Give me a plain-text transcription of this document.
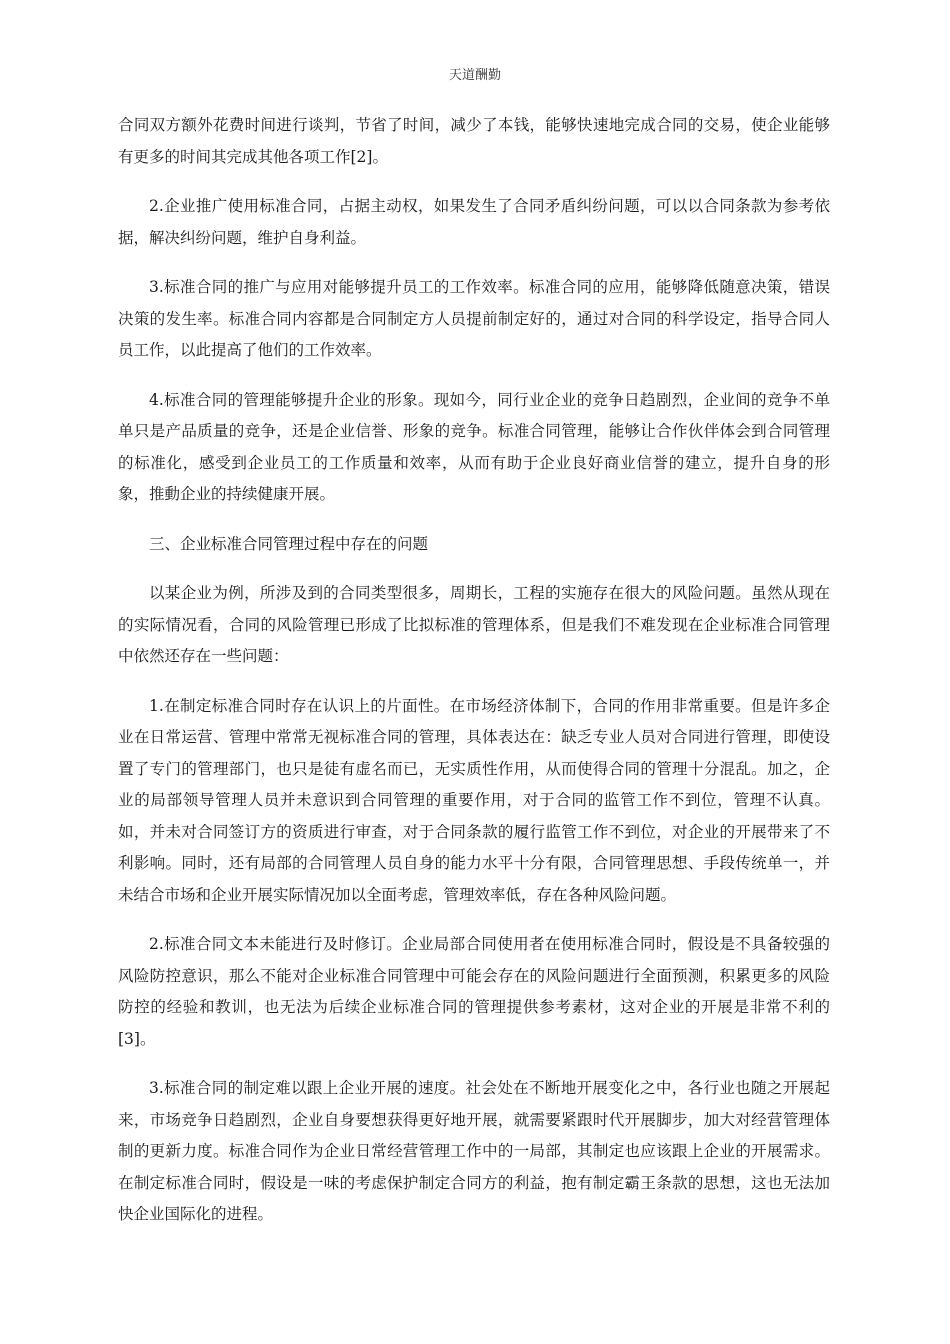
天道酬勤

合同双方额外花费时间进行谈判，节省了时间，减少了本钱，能够快速地完成合同的交易，使企业能够有更多的时间其完成其他各项工作[2]。

2.企业推广使用标准合同，占据主动权，如果发生了合同矛盾纠纷问题，可以以合同条款为参考依据，解决纠纷问题，维护自身利益。

3.标准合同的推广与应用对能够提升员工的工作效率。标准合同的应用，能够降低随意决策，错误决策的发生率。标准合同内容都是合同制定方人员提前制定好的，通过对合同的科学设定，指导合同人员工作，以此提高了他们的工作效率。

4.标准合同的管理能够提升企业的形象。现如今，同行业企业的竞争日趋剧烈，企业间的竞争不单单只是产品质量的竞争，还是企业信誉、形象的竞争。标准合同管理，能够让合作伙伴体会到合同管理的标准化，感受到企业员工的工作质量和效率，从而有助于企业良好商业信誉的建立，提升自身的形象，推動企业的持续健康开展。

三、企业标准合同管理过程中存在的问题

以某企业为例，所涉及到的合同类型很多，周期长，工程的实施存在很大的风险问题。虽然从现在的实际情况看，合同的风险管理已形成了比拟标准的管理体系，但是我们不难发现在企业标准合同管理中依然还存在一些问题：

1.在制定标准合同时存在认识上的片面性。在市场经济体制下，合同的作用非常重要。但是许多企业在日常运营、管理中常常无视标准合同的管理，具体表达在：缺乏专业人员对合同进行管理，即使设置了专门的管理部门，也只是徒有虚名而已，无实质性作用，从而使得合同的管理十分混乱。加之，企业的局部领导管理人员并未意识到合同管理的重要作用，对于合同的监管工作不到位，管理不认真。如，并未对合同签订方的资质进行审查，对于合同条款的履行监管工作不到位，对企业的开展带来了不利影响。同时，还有局部的合同管理人员自身的能力水平十分有限，合同管理思想、手段传统单一，并未结合市场和企业开展实际情况加以全面考虑，管理效率低，存在各种风险问题。

2.标准合同文本未能进行及时修订。企业局部合同使用者在使用标准合同时，假设是不具备较强的风险防控意识，那么不能对企业标准合同管理中可能会存在的风险问题进行全面预测，积累更多的风险防控的经验和教训，也无法为后续企业标准合同的管理提供参考素材，这对企业的开展是非常不利的[3]。

3.标准合同的制定难以跟上企业开展的速度。社会处在不断地开展变化之中，各行业也随之开展起来，市场竞争日趋剧烈，企业自身要想获得更好地开展，就需要紧跟时代开展脚步，加大对经营管理体制的更新力度。标准合同作为企业日常经营管理工作中的一局部，其制定也应该跟上企业的开展需求。在制定标准合同时，假设是一味的考虑保护制定合同方的利益，抱有制定霸王条款的思想，这也无法加快企业国际化的进程。
